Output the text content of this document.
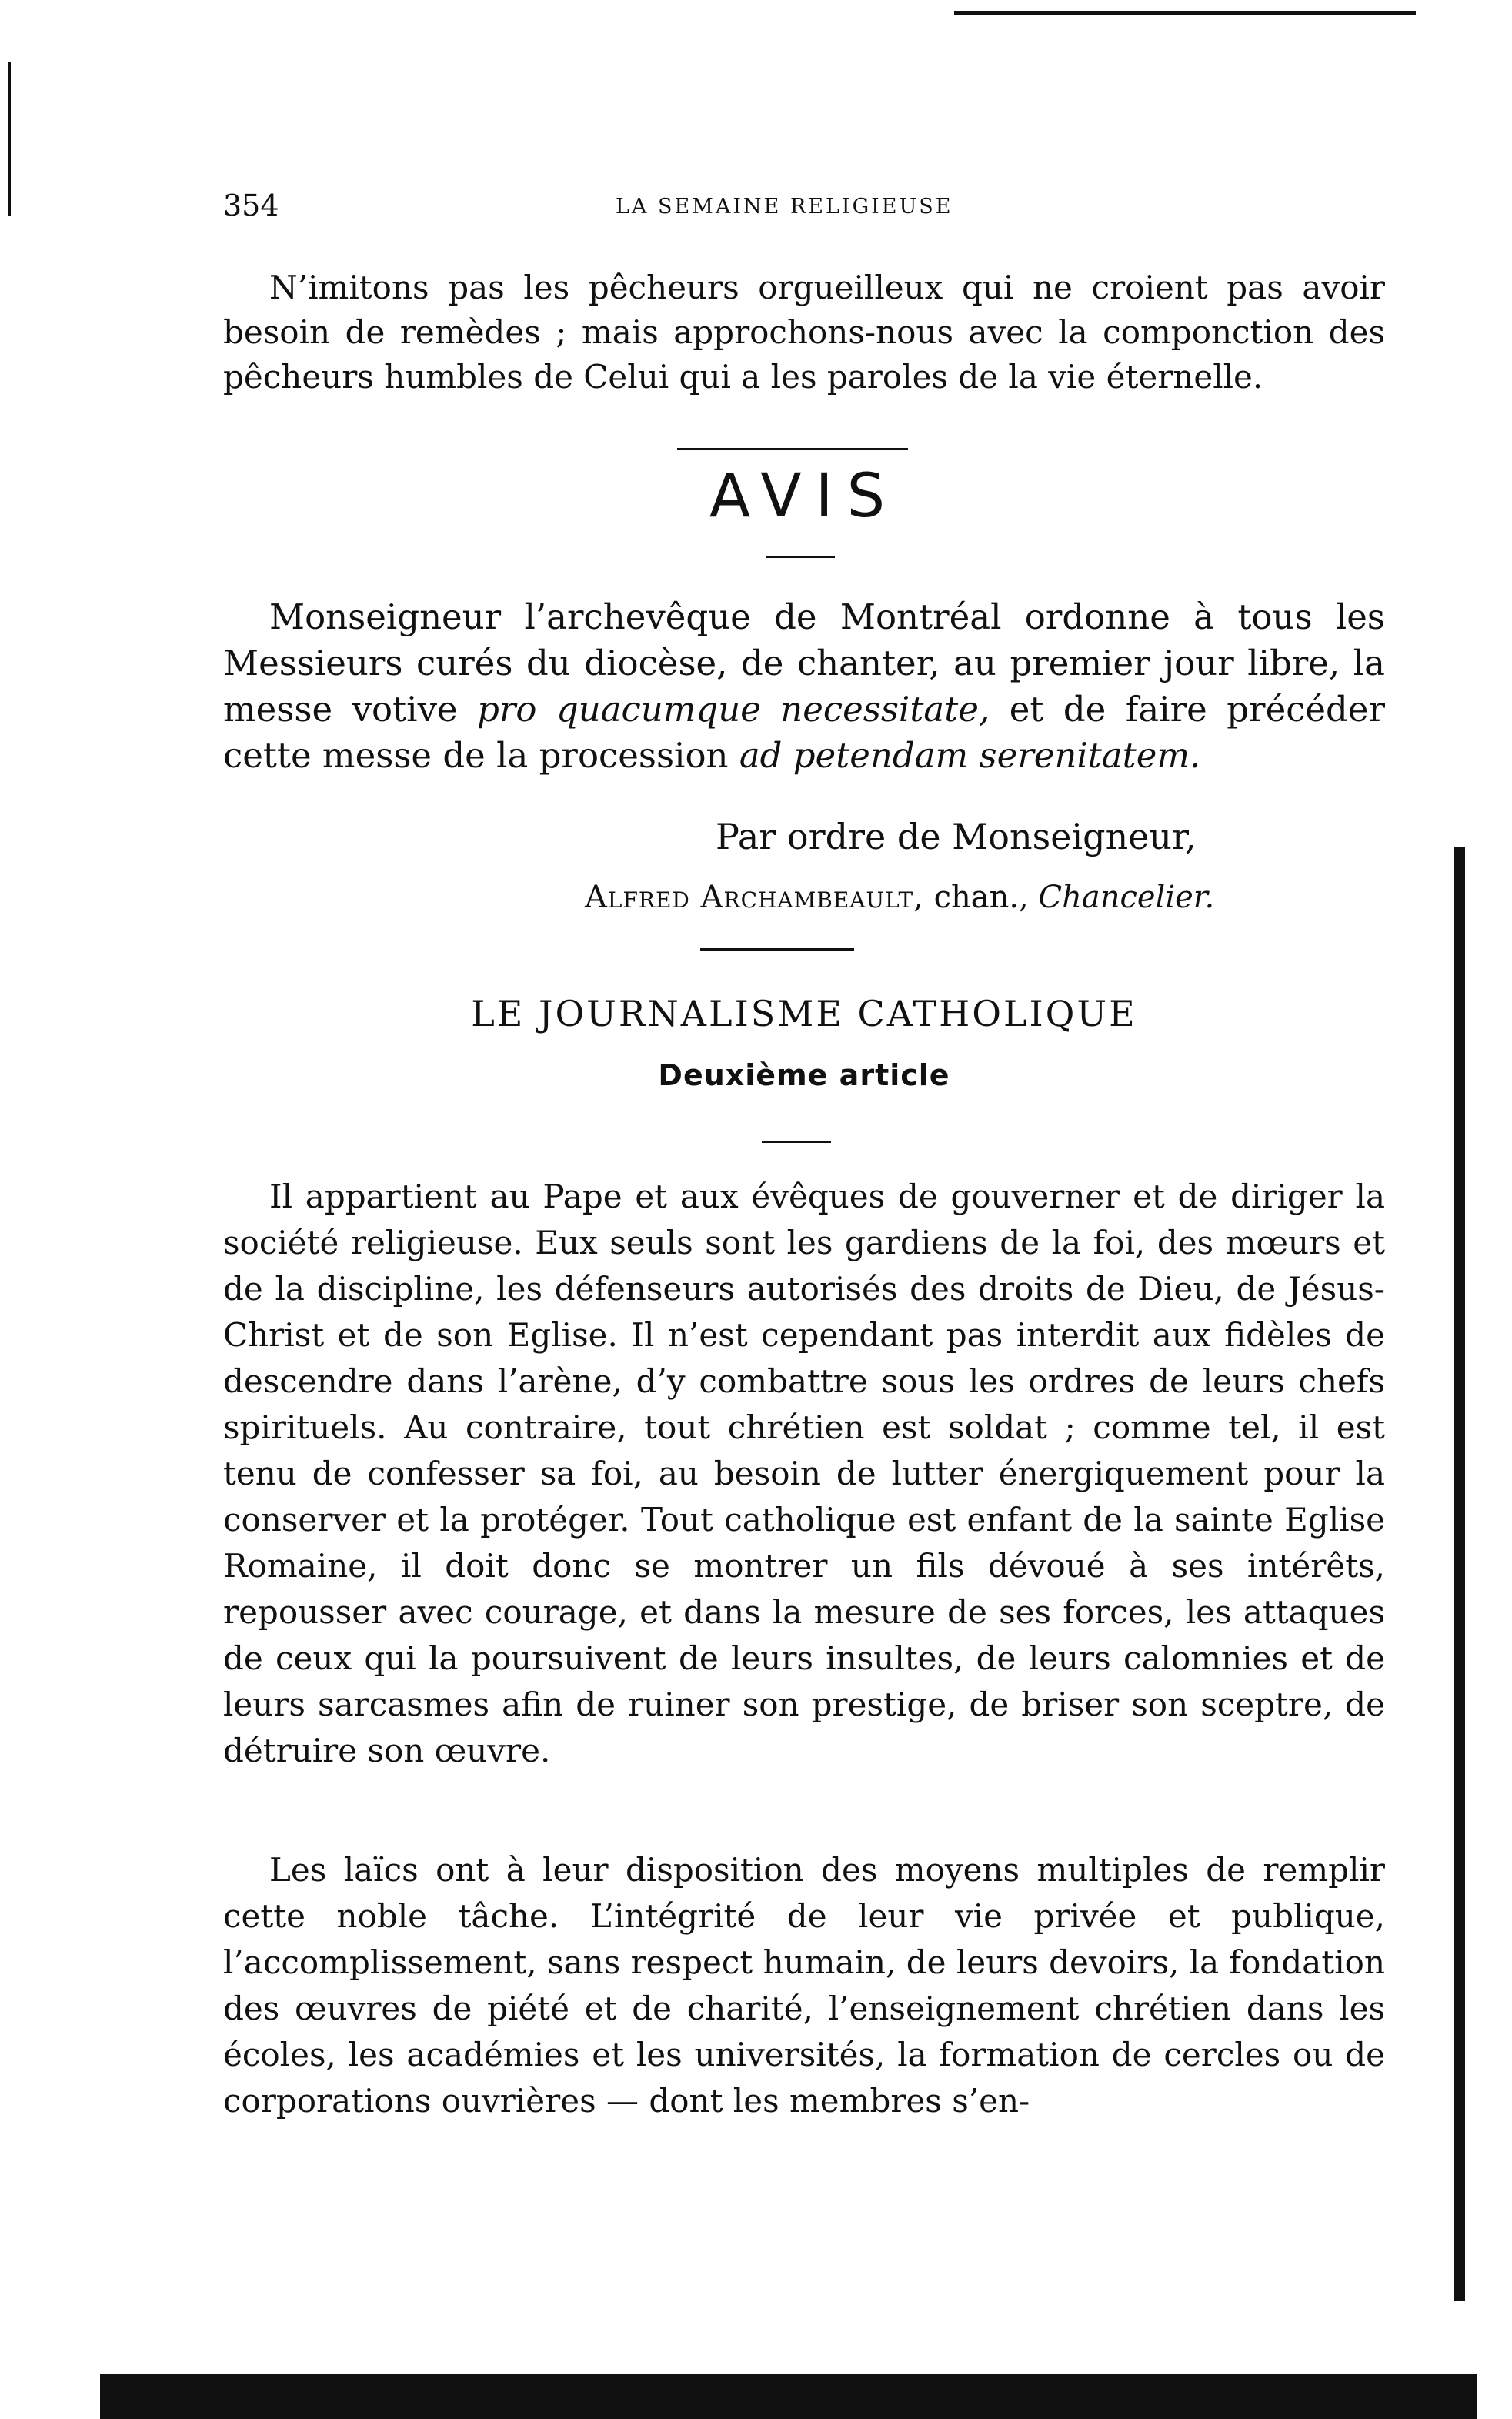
354	LA SEMAINE RELIGIEUSE

N’imitons pas les pêcheurs orgueilleux qui ne croient pas avoir besoin de remèdes ; mais approchons-nous avec la componction des pêcheurs humbles de Celui qui a les paroles de la vie éternelle.

AVIS

Monseigneur l’archevêque de Montréal ordonne à tous les Messieurs curés du diocèse, de chanter, au premier jour libre, la messe votive pro quacumque necessitate, et de faire précéder cette messe de la procession ad petendam serenitatem.

Par ordre de Monseigneur,
Alfred Archambeault, chan., Chancelier.
LE JOURNALISME CATHOLIQUE
Deuxième article

Il appartient au Pape et aux évêques de gouverner et de diriger la société religieuse. Eux seuls sont les gardiens de la foi, des mœurs et de la discipline, les défenseurs autorisés des droits de Dieu, de Jésus-Christ et de son Eglise. Il n’est cependant pas interdit aux fidèles de descendre dans l’arène, d’y combattre sous les ordres de leurs chefs spirituels. Au contraire, tout chrétien est soldat ; comme tel, il est tenu de confesser sa foi, au besoin de lutter énergiquement pour la conserver et la protéger. Tout catholique est enfant de la sainte Eglise Romaine, il doit donc se montrer un fils dévoué à ses intérêts, repousser avec courage, et dans la mesure de ses forces, les attaques de ceux qui la poursuivent de leurs insultes, de leurs calomnies et de leurs sarcasmes afin de ruiner son prestige, de briser son sceptre, de détruire son œuvre.

Les laïcs ont à leur disposition des moyens multiples de remplir cette noble tâche. L’intégrité de leur vie privée et publique, l’accomplissement, sans respect humain, de leurs devoirs, la fondation des œuvres de piété et de charité, l’enseignement chrétien dans les écoles, les académies et les universités, la formation de cercles ou de corporations ouvrières — dont les membres s’en-
